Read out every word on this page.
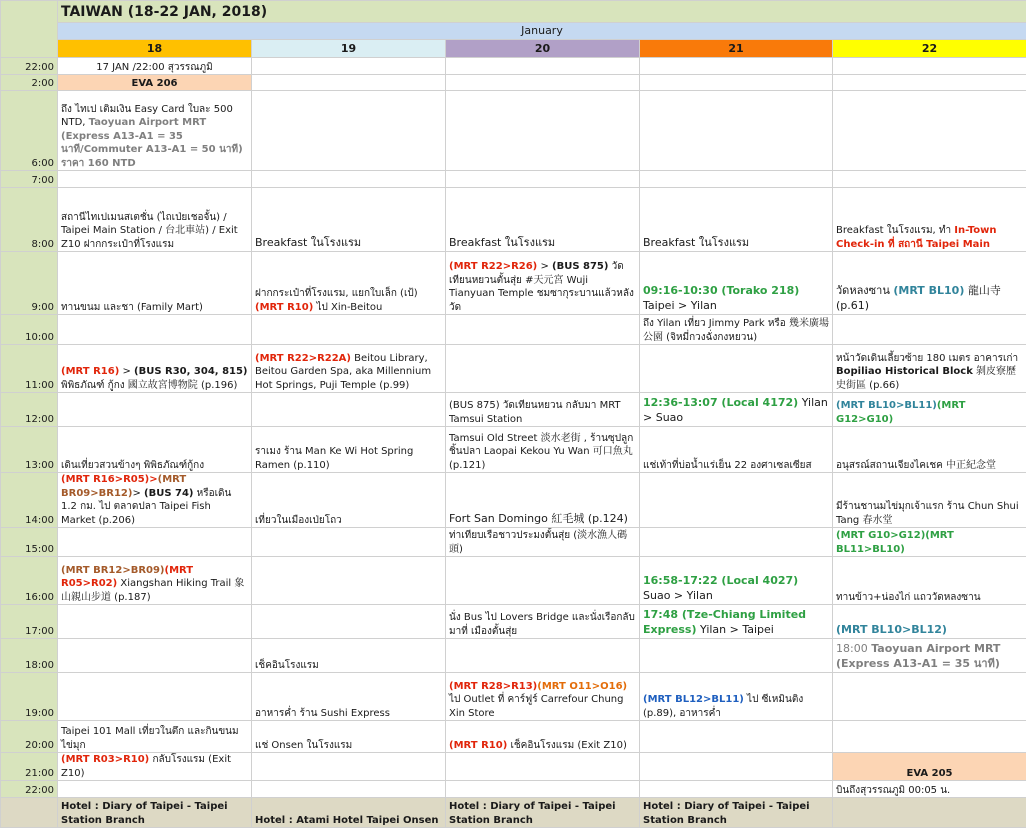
	TAIWAN (18-22 JAN, 2018)				
	January				
	18	19	20	21	22
22:00	17 JAN /22:00 สุวรรณภูมิ				
2:00	EVA 206				
6:00	ถึง ไทเป เติมเงิน Easy Card ใบละ 500 NTD, Taoyuan Airport MRT (Express A13-A1 = 35 นาที/Commuter A13-A1 = 50 นาที) ราคา 160 NTD				
7:00					
8:00	สถานีไทเปเมนสเตชั่น (ไถเป่ยเชอจั้น) / Taipei Main Station / 台北車站) / Exit Z10 ฝากกระเป๋าที่โรงแรม	Breakfast ในโรงแรม	Breakfast ในโรงแรม	Breakfast ในโรงแรม	Breakfast ในโรงแรม, ทำ In-Town Check-in ที่ สถานี Taipei Main
9:00	ทานขนม และชา (Family Mart)	ฝากกระเป๋าที่โรงแรม, แยกใบเล็ก (เป้) (MRT R10) ไป Xin-Beitou	(MRT R22>R26) > (BUS 875) วัดเทียนหยวนตั้นสุ่ย #天元宮 Wuji Tianyuan Temple ชมซากุระบานแล้วหลังวัด	09:16-10:30 (Torako 218) Taipei > Yilan	วัดหลงซาน (MRT BL10) 龍山寺 (p.61)
10:00				ถึง Yilan เที่ยว Jimmy Park หรือ 幾米廣場公園 (จิหมี่กวงฉั่งกงหยวน)	
11:00	(MRT R16) > (BUS R30, 304, 815) พิพิธภัณฑ์ กู้กง 國立故宮博物院 (p.196)	(MRT R22>R22A) Beitou Library, Beitou Garden Spa, aka Millennium Hot Springs, Puji Temple (p.99)			หน้าวัดเดินเลี้ยวซ้าย 180 เมตร อาคารเก่า Bopiliao Historical Block 剝皮寮歷史街區 (p.66)
12:00			(BUS 875) วัดเทียนหยวน กลับมา MRT Tamsui Station	12:36-13:07 (Local 4172) Yilan > Suao	(MRT BL10>BL11)(MRT G12>G10)
13:00	เดินเที่ยวสวนข้างๆ พิพิธภัณฑ์กู้กง	ราเมง ร้าน Man Ke Wi Hot Spring Ramen (p.110)	Tamsui Old Street 淡水老街 , ร้านซุปลูกชิ้นปลา Laopai Kekou Yu Wan 可口魚丸 (p.121)	แช่เท้าที่บ่อน้ำแร่เย็น 22 องศาเซลเซียส	อนุสรณ์สถานเจียงไคเชค 中正紀念堂
14:00	(MRT R16>R05)>(MRT BR09>BR12)> (BUS 74) หรือเดิน 1.2 กม. ไป ตลาดปลา Taipei Fish Market (p.206)	เที่ยวในเมืองเป่ยโถว	Fort San Domingo 紅毛城 (p.124)		มีร้านชานมไข่มุกเจ้าแรก ร้าน Chun Shui Tang 春水堂
15:00			ท่าเทียบเรือชาวประมงตั้นสุ่ย (淡水漁人碼頭)		(MRT G10>G12)(MRT BL11>BL10)
16:00	(MRT BR12>BR09)(MRT R05>R02) Xiangshan Hiking Trail 象山親山步道 (p.187)			16:58-17:22 (Local 4027) Suao > Yilan	ทานข้าว+น่องไก่ แถววัดหลงซาน
17:00			นั่ง Bus ไป Lovers Bridge และนั่งเรือกลับมาที่ เมืองตั้นสุ่ย	17:48 (Tze-Chiang Limited Express) Yilan > Taipei	(MRT BL10>BL12)
18:00		เช็คอินโรงแรม			18:00 Taoyuan Airport MRT (Express A13-A1 = 35 นาที)
19:00		อาหารค่ำ ร้าน Sushi Express	(MRT R28>R13)(MRT O11>O16) ไป Outlet ที่ คาร์ฟูร์ Carrefour Chung Xin Store	(MRT BL12>BL11) ไป ซีเหมินติง (p.89), อาหารค่ำ	
20:00	Taipei 101 Mall เที่ยวในตึก และกินขนมไข่มุก	แช่ Onsen ในโรงแรม	(MRT R10) เช็คอินโรงแรม (Exit Z10)		
21:00	(MRT R03>R10) กลับโรงแรม (Exit Z10)				EVA 205
22:00					บินถึงสุวรรณภูมิ 00:05 น.
	Hotel : Diary of Taipei - Taipei Station Branch	Hotel : Atami Hotel Taipei Onsen	Hotel : Diary of Taipei - Taipei Station Branch	Hotel : Diary of Taipei - Taipei Station Branch	
